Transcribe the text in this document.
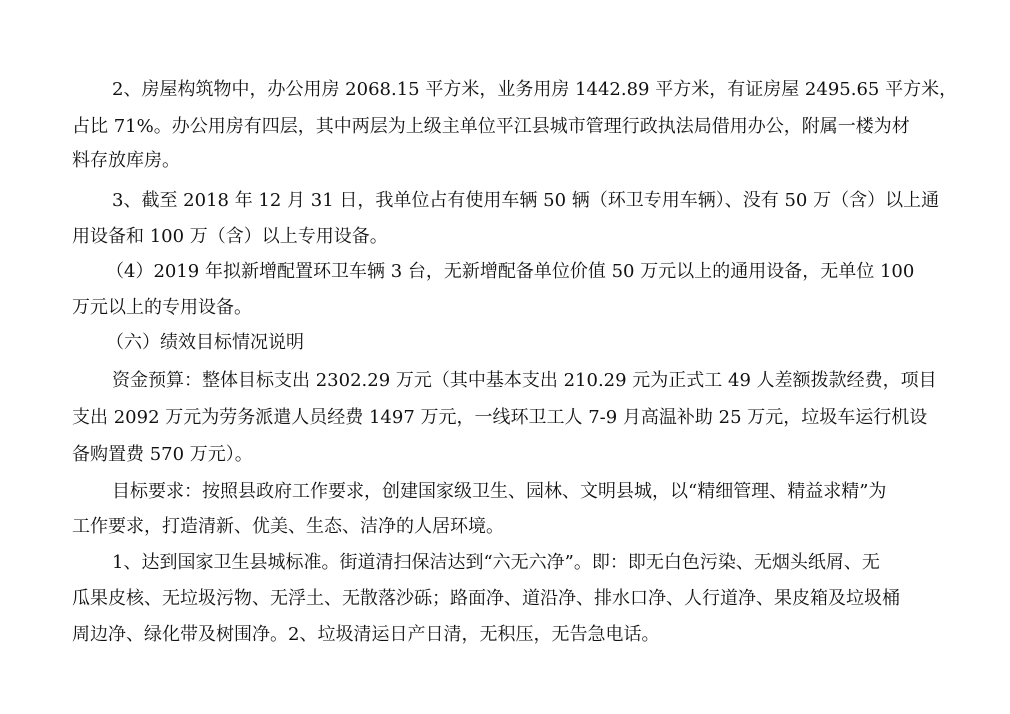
2、房屋构筑物中，办公用房 2068.15 平方米，业务用房 1442.89 平方米，有证房屋 2495.65 平方米，
占比 71%。办公用房有四层，其中两层为上级主单位平江县城市管理行政执法局借用办公，附属一楼为材
料存放库房。
3、截至 2018 年 12 月 31 日，我单位占有使用车辆 50 辆（环卫专用车辆）、没有 50 万（含）以上通
用设备和 100 万（含）以上专用设备。
（4）2019 年拟新增配置环卫车辆 3 台，无新增配备单位价值 50 万元以上的通用设备，无单位 100
万元以上的专用设备。
（六）绩效目标情况说明
资金预算：整体目标支出 2302.29 万元（其中基本支出 210.29 元为正式工 49 人差额拨款经费，项目
支出 2092 万元为劳务派遣人员经费 1497 万元，一线环卫工人 7-9 月高温补助 25 万元，垃圾车运行机设
备购置费 570 万元）。
目标要求：按照县政府工作要求，创建国家级卫生、园林、文明县城，以“精细管理、精益求精”为
工作要求，打造清新、优美、生态、洁净的人居环境。
1、达到国家卫生县城标准。街道清扫保洁达到“六无六净”。即：即无白色污染、无烟头纸屑、无
瓜果皮核、无垃圾污物、无浮土、无散落沙砾；路面净、道沿净、排水口净、人行道净、果皮箱及垃圾桶
周边净、绿化带及树围净。2、垃圾清运日产日清，无积压，无告急电话。
